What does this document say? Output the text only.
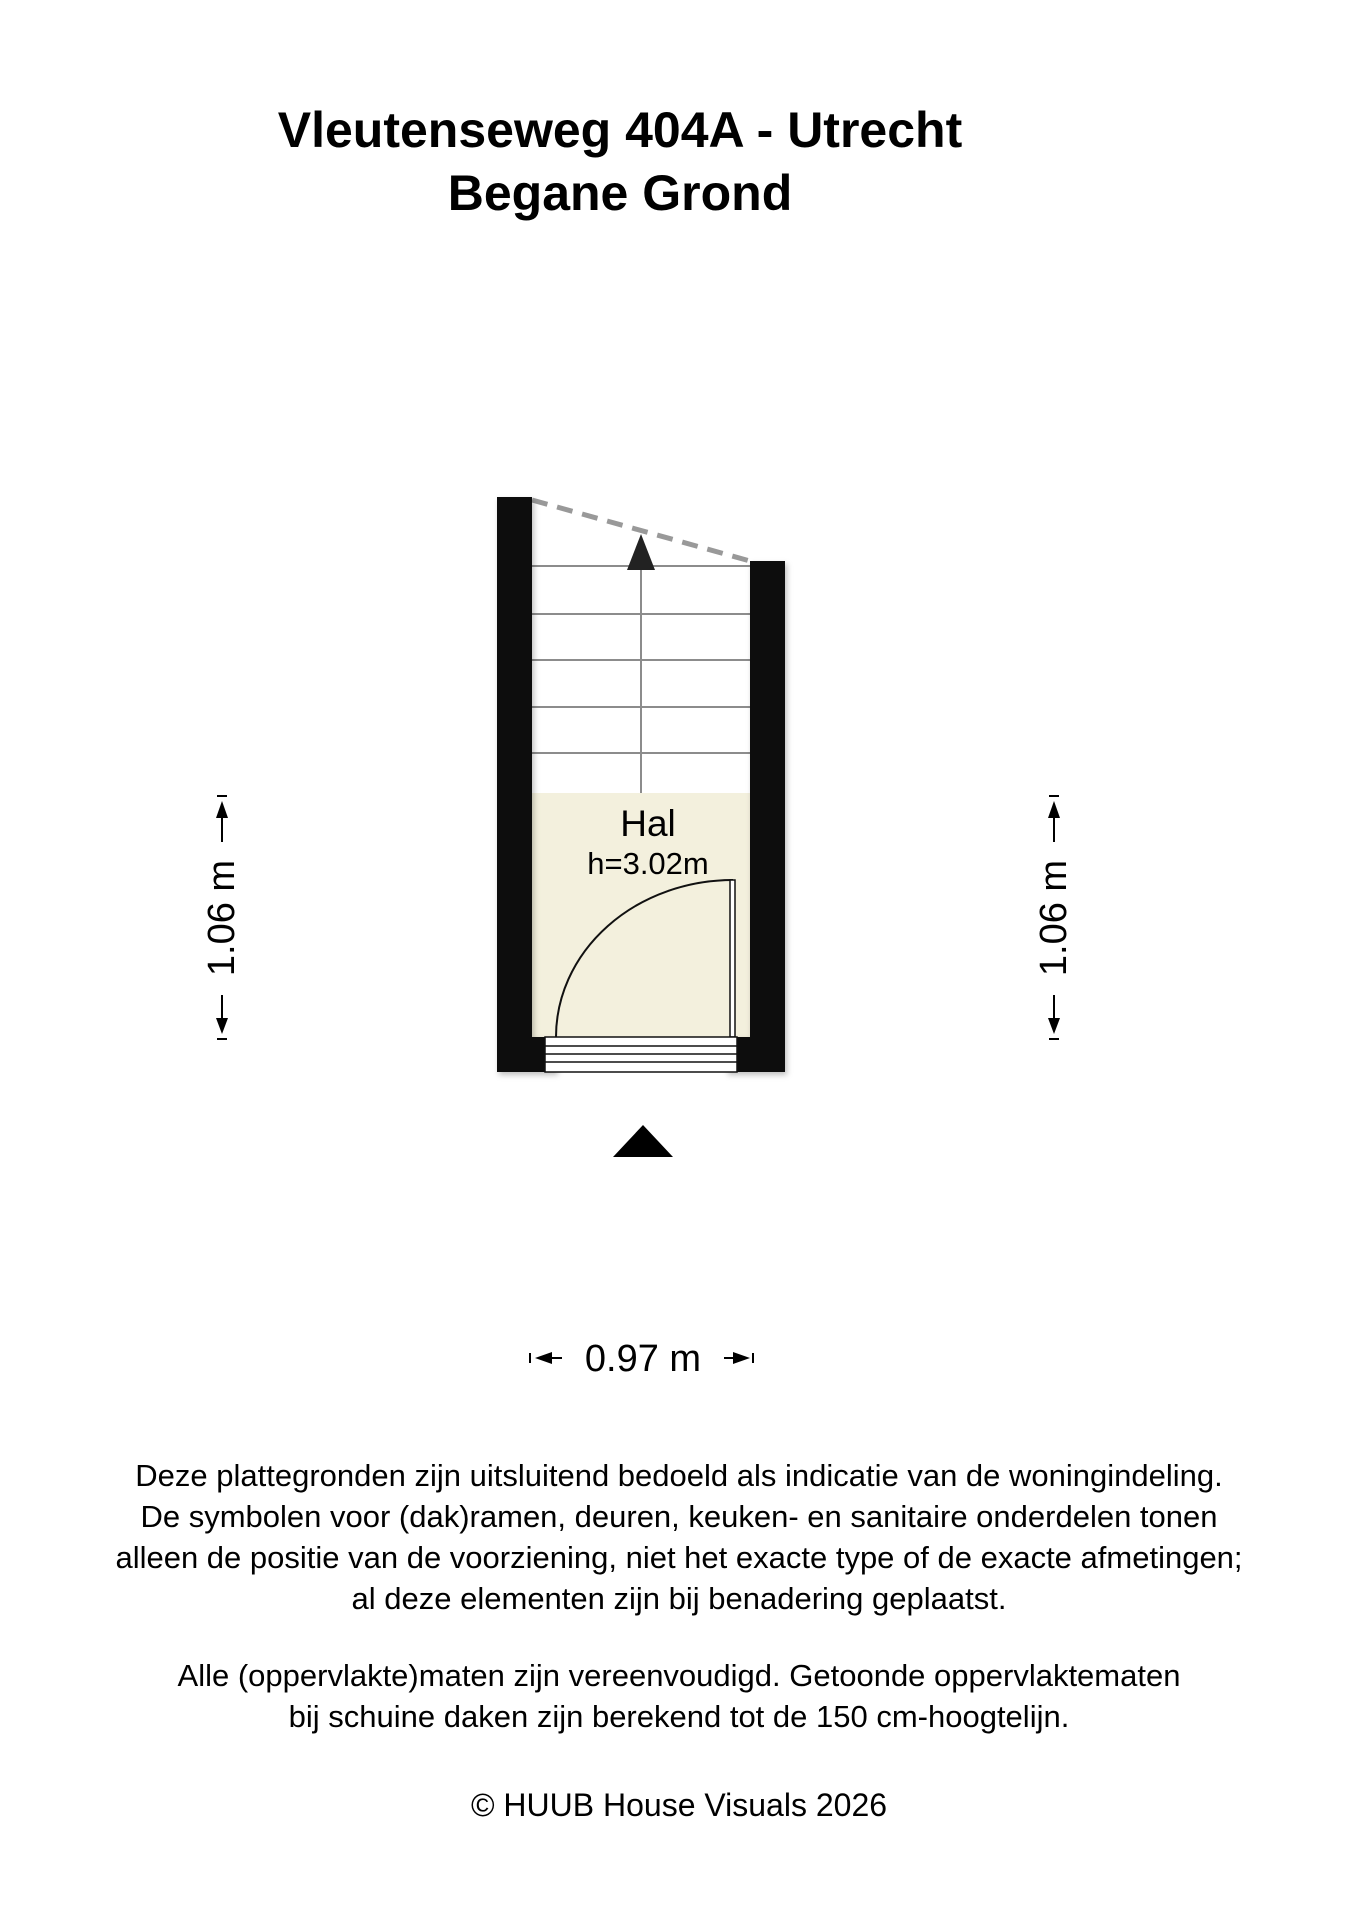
Vleutenseweg 404A - Utrecht
Begane Grond
Hal
h=3.02m
1.06 m	1.06 m
0.97 m

Deze plattegronden zijn uitsluitend bedoeld als indicatie van de woningindeling.
De symbolen voor (dak)ramen, deuren, keuken- en sanitaire onderdelen tonen
alleen de positie van de voorziening, niet het exacte type of de exacte afmetingen;
al deze elementen zijn bij benadering geplaatst.

Alle (oppervlakte)maten zijn vereenvoudigd. Getoonde oppervlaktematen
bij schuine daken zijn berekend tot de 150 cm-hoogtelijn.

© HUUB House Visuals 2026
